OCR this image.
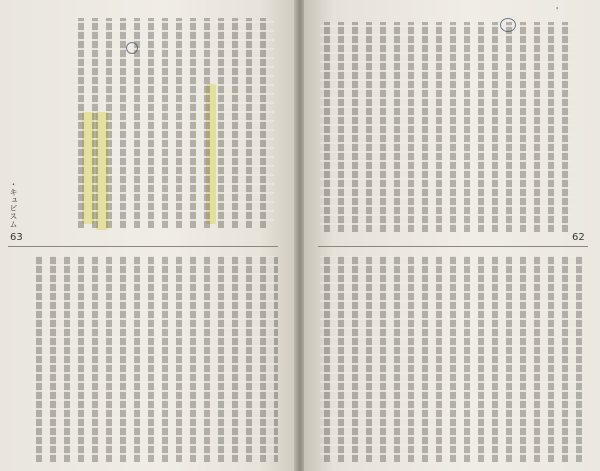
・キュビスム
63
'
62
